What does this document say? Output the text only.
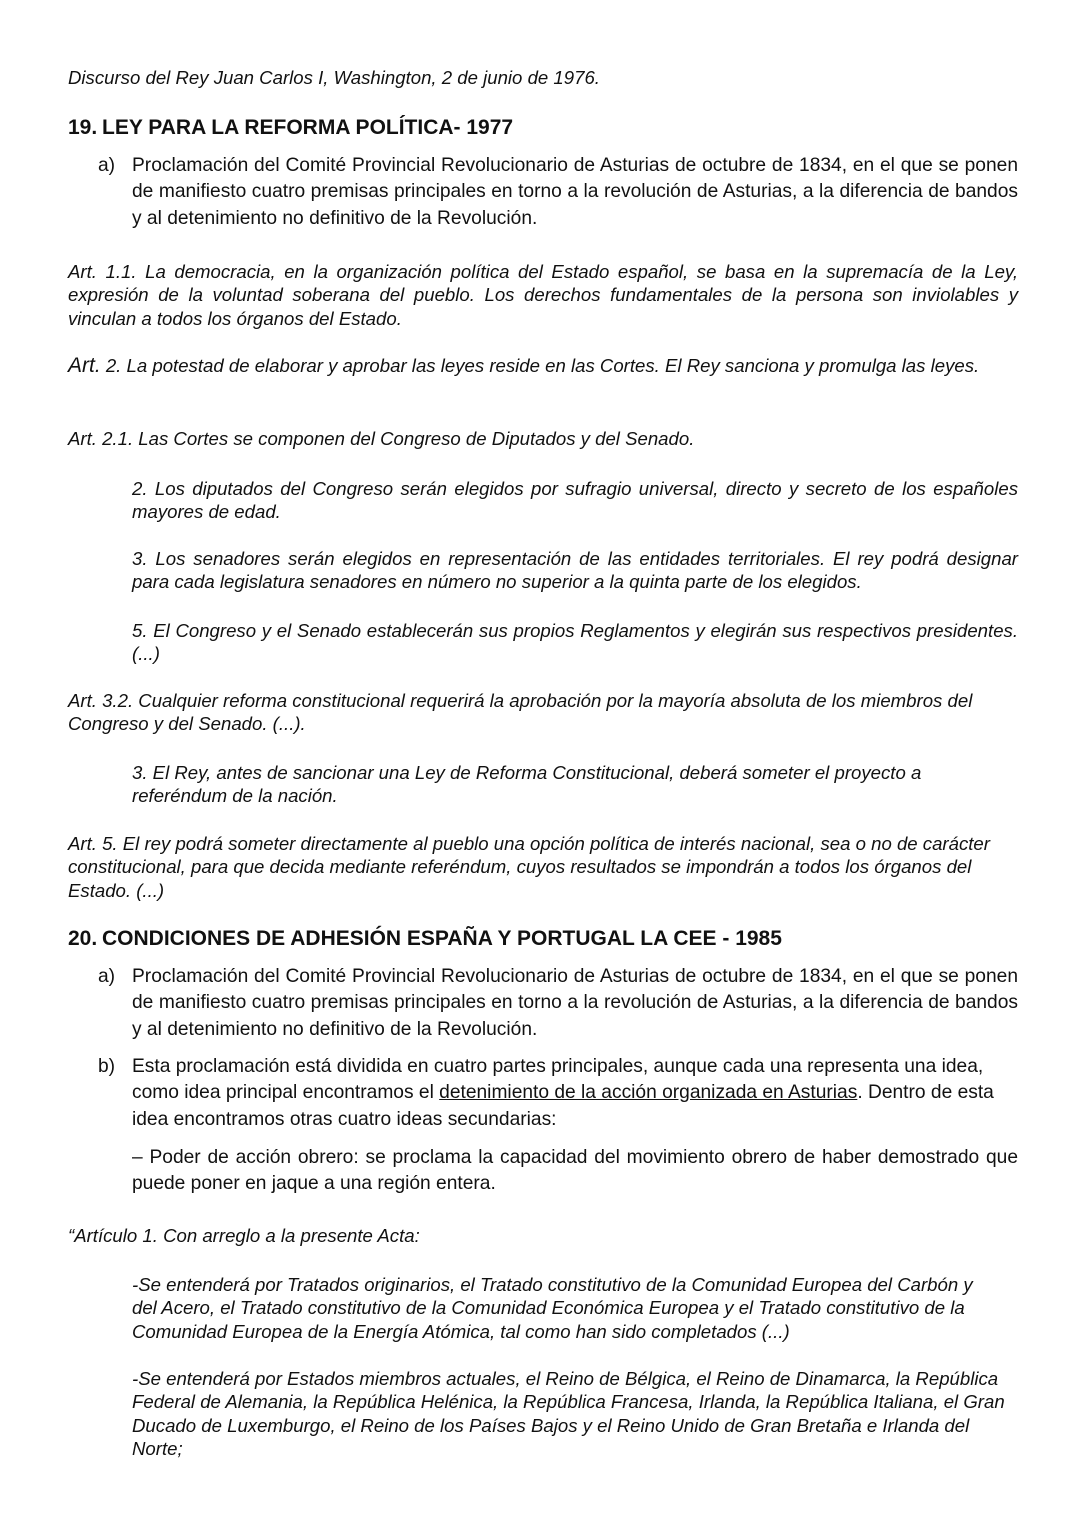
Discurso del Rey Juan Carlos I, Washington, 2 de junio de 1976.

19. LEY PARA LA REFORMA POLÍTICA- 1977
a) Proclamación del Comité Provincial Revolucionario de Asturias de octubre de 1834, en el que se ponen de manifiesto cuatro premisas principales en torno a la revolución de Asturias, a la diferencia de bandos y al detenimiento no definitivo de la Revolución.

Art. 1.1. La democracia, en la organización política del Estado español, se basa en la supremacía de la Ley, expresión de la voluntad soberana del pueblo. Los derechos fundamentales de la persona son inviolables y vinculan a todos los órganos del Estado.

Art. 2. La potestad de elaborar y aprobar las leyes reside en las Cortes. El Rey sanciona y promulga las leyes.

Art. 2.1. Las Cortes se componen del Congreso de Diputados y del Senado.

2. Los diputados del Congreso serán elegidos por sufragio universal, directo y secreto de los españoles mayores de edad.

3. Los senadores serán elegidos en representación de las entidades territoriales. El rey podrá designar para cada legislatura senadores en número no superior a la quinta parte de los elegidos.

5. El Congreso y el Senado establecerán sus propios Reglamentos y elegirán sus respectivos presidentes. (...)

Art. 3.2. Cualquier reforma constitucional requerirá la aprobación por la mayoría absoluta de los miembros del Congreso y del Senado. (...).

3. El Rey, antes de sancionar una Ley de Reforma Constitucional, deberá someter el proyecto a referéndum de la nación.

Art. 5. El rey podrá someter directamente al pueblo una opción política de interés nacional, sea o no de carácter constitucional, para que decida mediante referéndum, cuyos resultados se impondrán a todos los órganos del Estado. (...)

20. CONDICIONES DE ADHESIÓN ESPAÑA Y PORTUGAL LA CEE - 1985
a) Proclamación del Comité Provincial Revolucionario de Asturias de octubre de 1834, en el que se ponen de manifiesto cuatro premisas principales en torno a la revolución de Asturias, a la diferencia de bandos y al detenimiento no definitivo de la Revolución.

b) Esta proclamación está dividida en cuatro partes principales, aunque cada una representa una idea, como idea principal encontramos el detenimiento de la acción organizada en Asturias. Dentro de esta idea encontramos otras cuatro ideas secundarias:

– Poder de acción obrero: se proclama la capacidad del movimiento obrero de haber demostrado que puede poner en jaque a una región entera.

“Artículo 1. Con arreglo a la presente Acta:

-Se entenderá por Tratados originarios, el Tratado constitutivo de la Comunidad Europea del Carbón y del Acero, el Tratado constitutivo de la Comunidad Económica Europea y el Tratado constitutivo de la Comunidad Europea de la Energía Atómica, tal como han sido completados (...)

-Se entenderá por Estados miembros actuales, el Reino de Bélgica, el Reino de Dinamarca, la República Federal de Alemania, la República Helénica, la República Francesa, Irlanda, la República Italiana, el Gran Ducado de Luxemburgo, el Reino de los Países Bajos y el Reino Unido de Gran Bretaña e Irlanda del Norte;
